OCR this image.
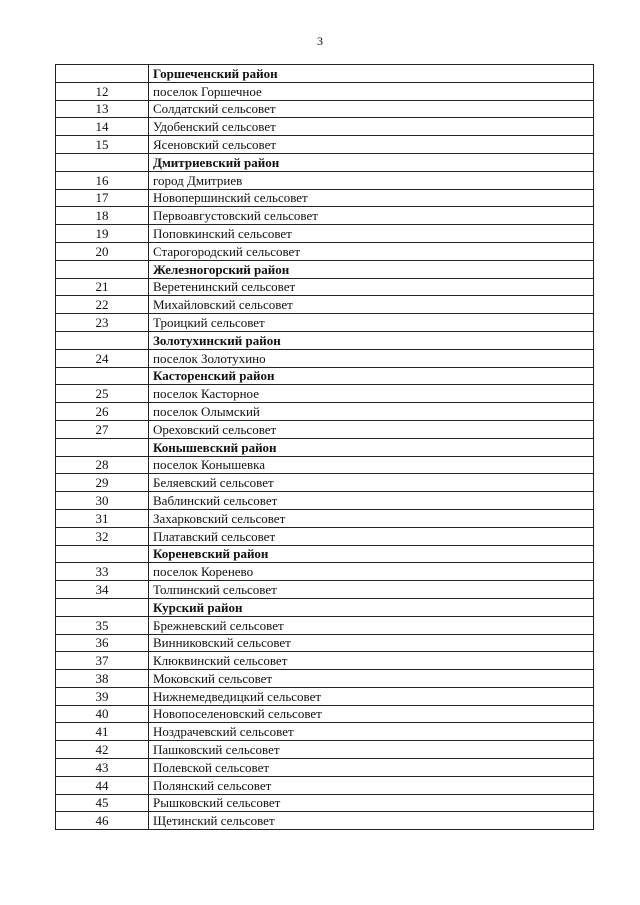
3
	Горшеченский район
12	поселок Горшечное
13	Солдатский сельсовет
14	Удобенский сельсовет
15	Ясеновский сельсовет
	Дмитриевский район
16	город Дмитриев
17	Новопершинский сельсовет
18	Первоавгустовский сельсовет
19	Поповкинский сельсовет
20	Старогородский сельсовет
	Железногорский район
21	Веретенинский сельсовет
22	Михайловский сельсовет
23	Троицкий сельсовет
	Золотухинский район
24	поселок Золотухино
	Касторенский район
25	поселок Касторное
26	поселок Олымский
27	Ореховский сельсовет
	Конышевский район
28	поселок Конышевка
29	Беляевский сельсовет
30	Ваблинский сельсовет
31	Захарковский сельсовет
32	Платавский сельсовет
	Кореневский район
33	поселок Коренево
34	Толпинский сельсовет
	Курский район
35	Брежневский сельсовет
36	Винниковский сельсовет
37	Клюквинский сельсовет
38	Моковский сельсовет
39	Нижнемедведицкий сельсовет
40	Новопоселеновский сельсовет
41	Ноздрачевский сельсовет
42	Пашковский сельсовет
43	Полевской сельсовет
44	Полянский сельсовет
45	Рышковский сельсовет
46	Щетинский сельсовет
